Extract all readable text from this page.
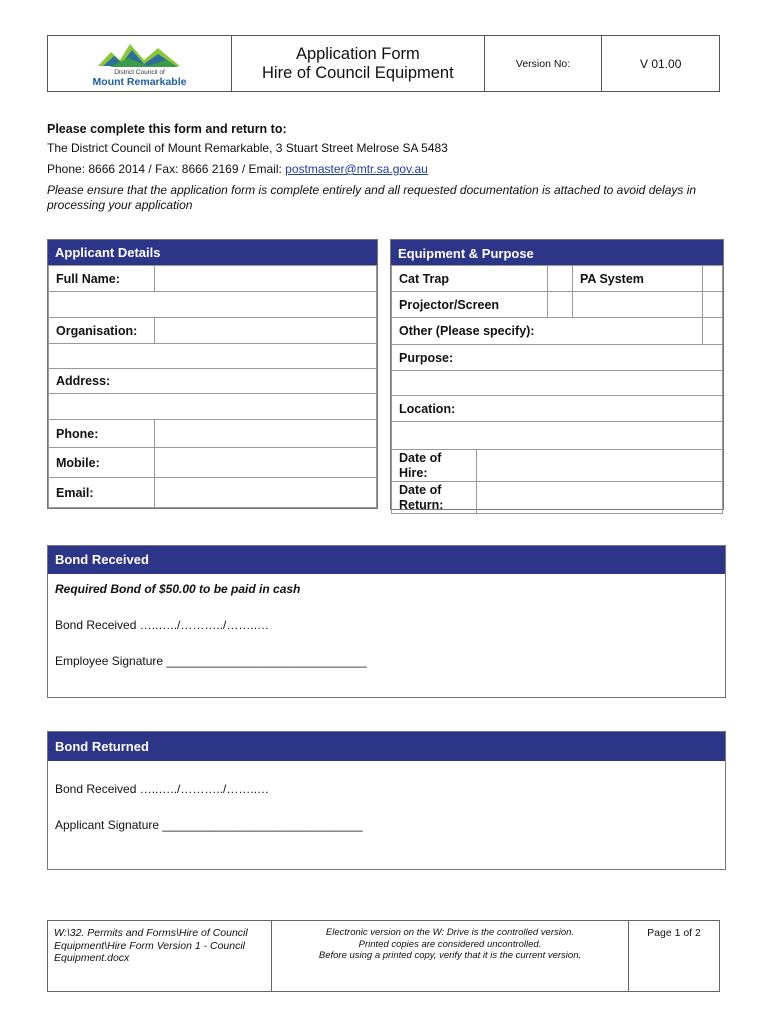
District Council of
Mount Remarkable

Application Form
Hire of Council Equipment	Version No:	V 01.00
Please complete this form and return to:
The District Council of Mount Remarkable, 3 Stuart Street Melrose SA 5483
Phone: 8666 2014 / Fax: 8666 2169 / Email: postmaster@mtr.sa.gov.au
Please ensure that the application form is complete entirely and all requested documentation is attached to avoid delays in processing your application
Applicant Details
Full Name:	

Organisation:	

Address:	

Phone:	
Mobile:	
Email:	
Equipment & Purpose
Cat Trap		PA System	
Projector/Screen			
Other (Please specify):	
Purpose:

Location:

Date of
Hire:

Date of
Return:

Bond Received
Required Bond of $50.00 to be paid in cash
Bond Received …..…../………../……..…
Employee Signature ______________________________
Bond Returned
Bond Received …..…../………../……..…
Applicant Signature ______________________________
W:\32. Permits and Forms\Hire of Council Equipment\Hire Form Version 1 - Council Equipment.docx	
Electronic version on the W: Drive is the controlled version.
Printed copies are considered uncontrolled.
Before using a printed copy, verify that it is the current version.
	Page 1 of 2
